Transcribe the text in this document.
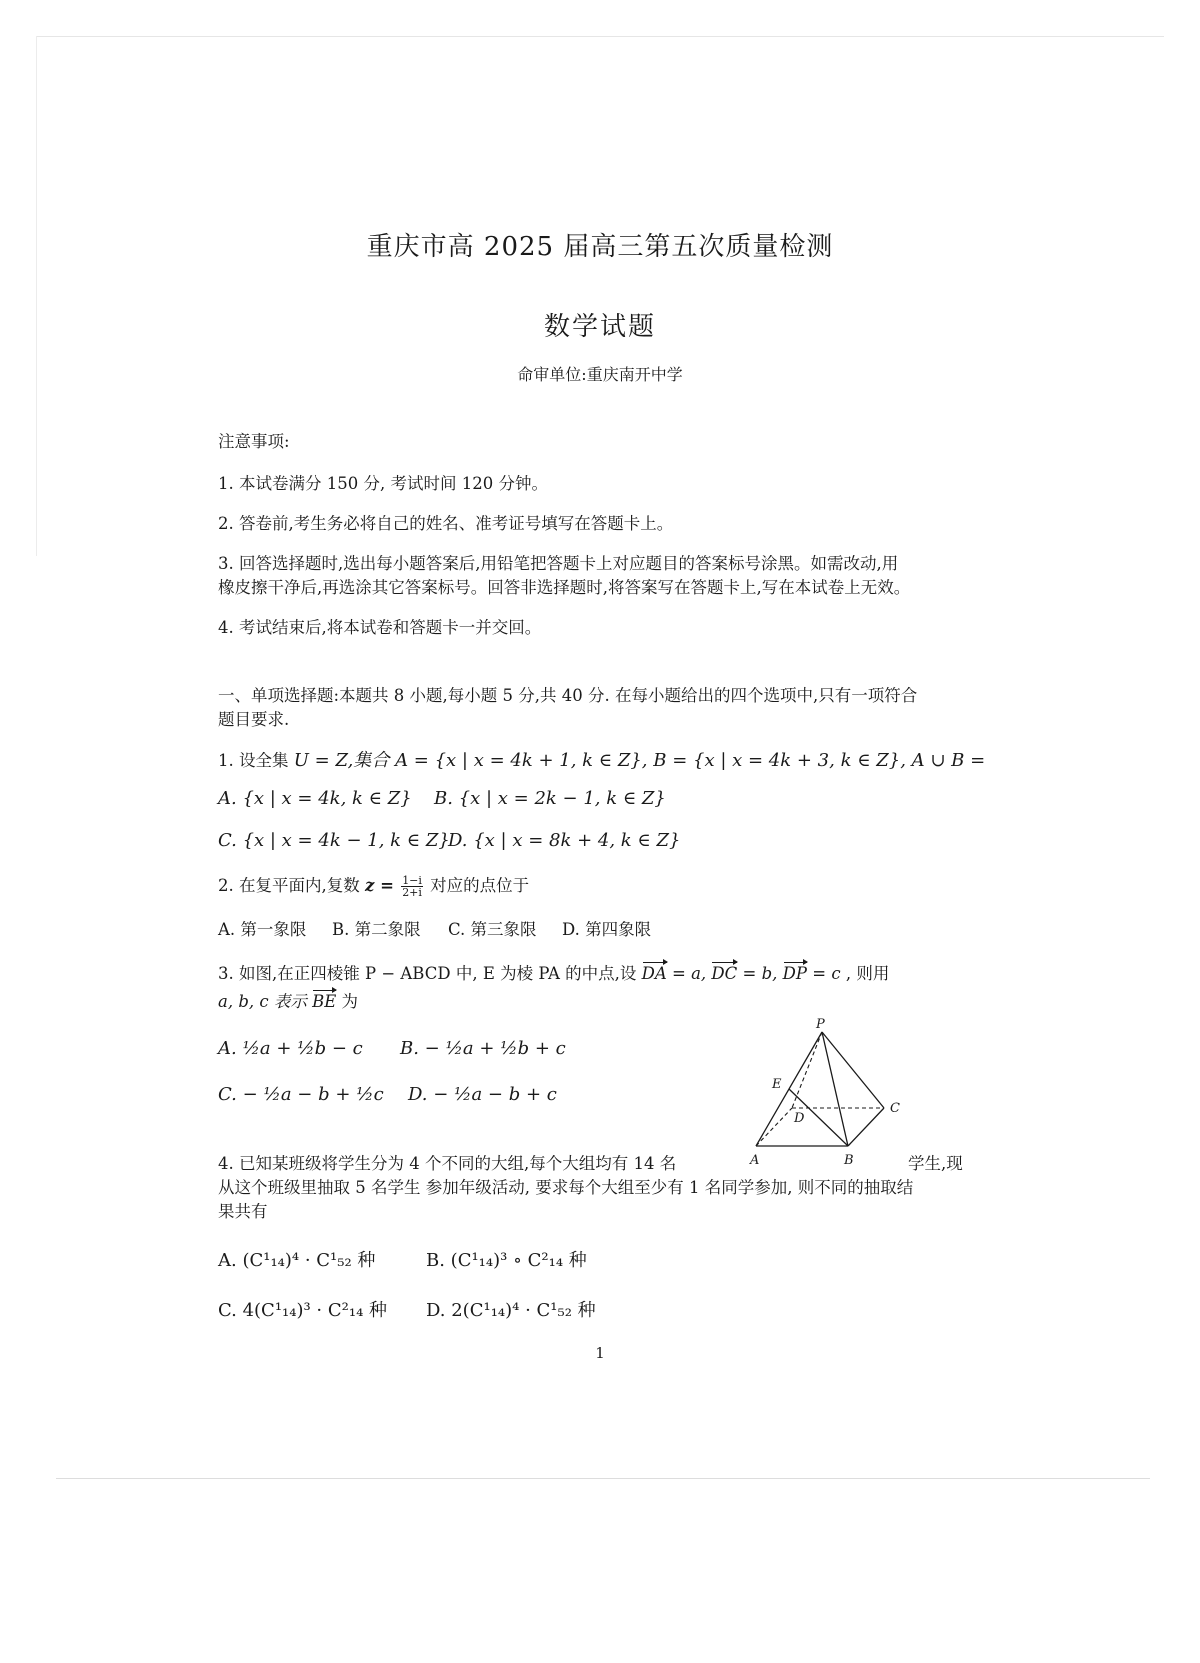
重庆市高 2025 届高三第五次质量检测
数学试题
命审单位:重庆南开中学
注意事项:
1. 本试卷满分 150 分, 考试时间 120 分钟。
2. 答卷前,考生务必将自己的姓名、准考证号填写在答题卡上。
3. 回答选择题时,选出每小题答案后,用铅笔把答题卡上对应题目的答案标号涂黑。如需改动,用
橡皮擦干净后,再选涂其它答案标号。回答非选择题时,将答案写在答题卡上,写在本试卷上无效。
4. 考试结束后,将本试卷和答题卡一并交回。
一、单项选择题:本题共 8 小题,每小题 5 分,共 40 分. 在每小题给出的四个选项中,只有一项符合
题目要求.
1. 设全集 U = Z,集合 A = {x | x = 4k + 1, k ∈ Z}, B = {x | x = 4k + 3, k ∈ Z}, A ∪ B =
A. {x | x = 4k, k ∈ Z} B. {x | x = 2k − 1, k ∈ Z}
C. {x | x = 4k − 1, k ∈ Z}
D. {x | x = 8k + 4, k ∈ Z}
2. 在复平面内,复数 $z = \frac{1-i}{2+i}$ 对应的点位于
A. 第一象限 B. 第二象限 C. 第三象限 D. 第四象限
3. 如图,在正四棱锥 P − ABCD 中, E 为棱 PA 的中点,设 DA = a, DC = b, DP = c , 则用
a, b, c 表示 BE 为
A. ½a + ½b − c B. − ½a + ½b + c
C. − ½a − b + ½c D. − ½a − b + c
P
E
D
C
A	B
4. 已知某班级将学生分为 4 个不同的大组,每个大组均有 14 名	学生,现
从这个班级里抽取 5 名学生 参加年级活动, 要求每个大组至少有 1 名同学参加, 则不同的抽取结
果共有
A. (C¹₁₄)⁴ · C¹₅₂ 种	B. (C¹₁₄)³ ∘ C²₁₄ 种
C. 4(C¹₁₄)³ · C²₁₄ 种 D. 2(C¹₁₄)⁴ · C¹₅₂ 种
1
